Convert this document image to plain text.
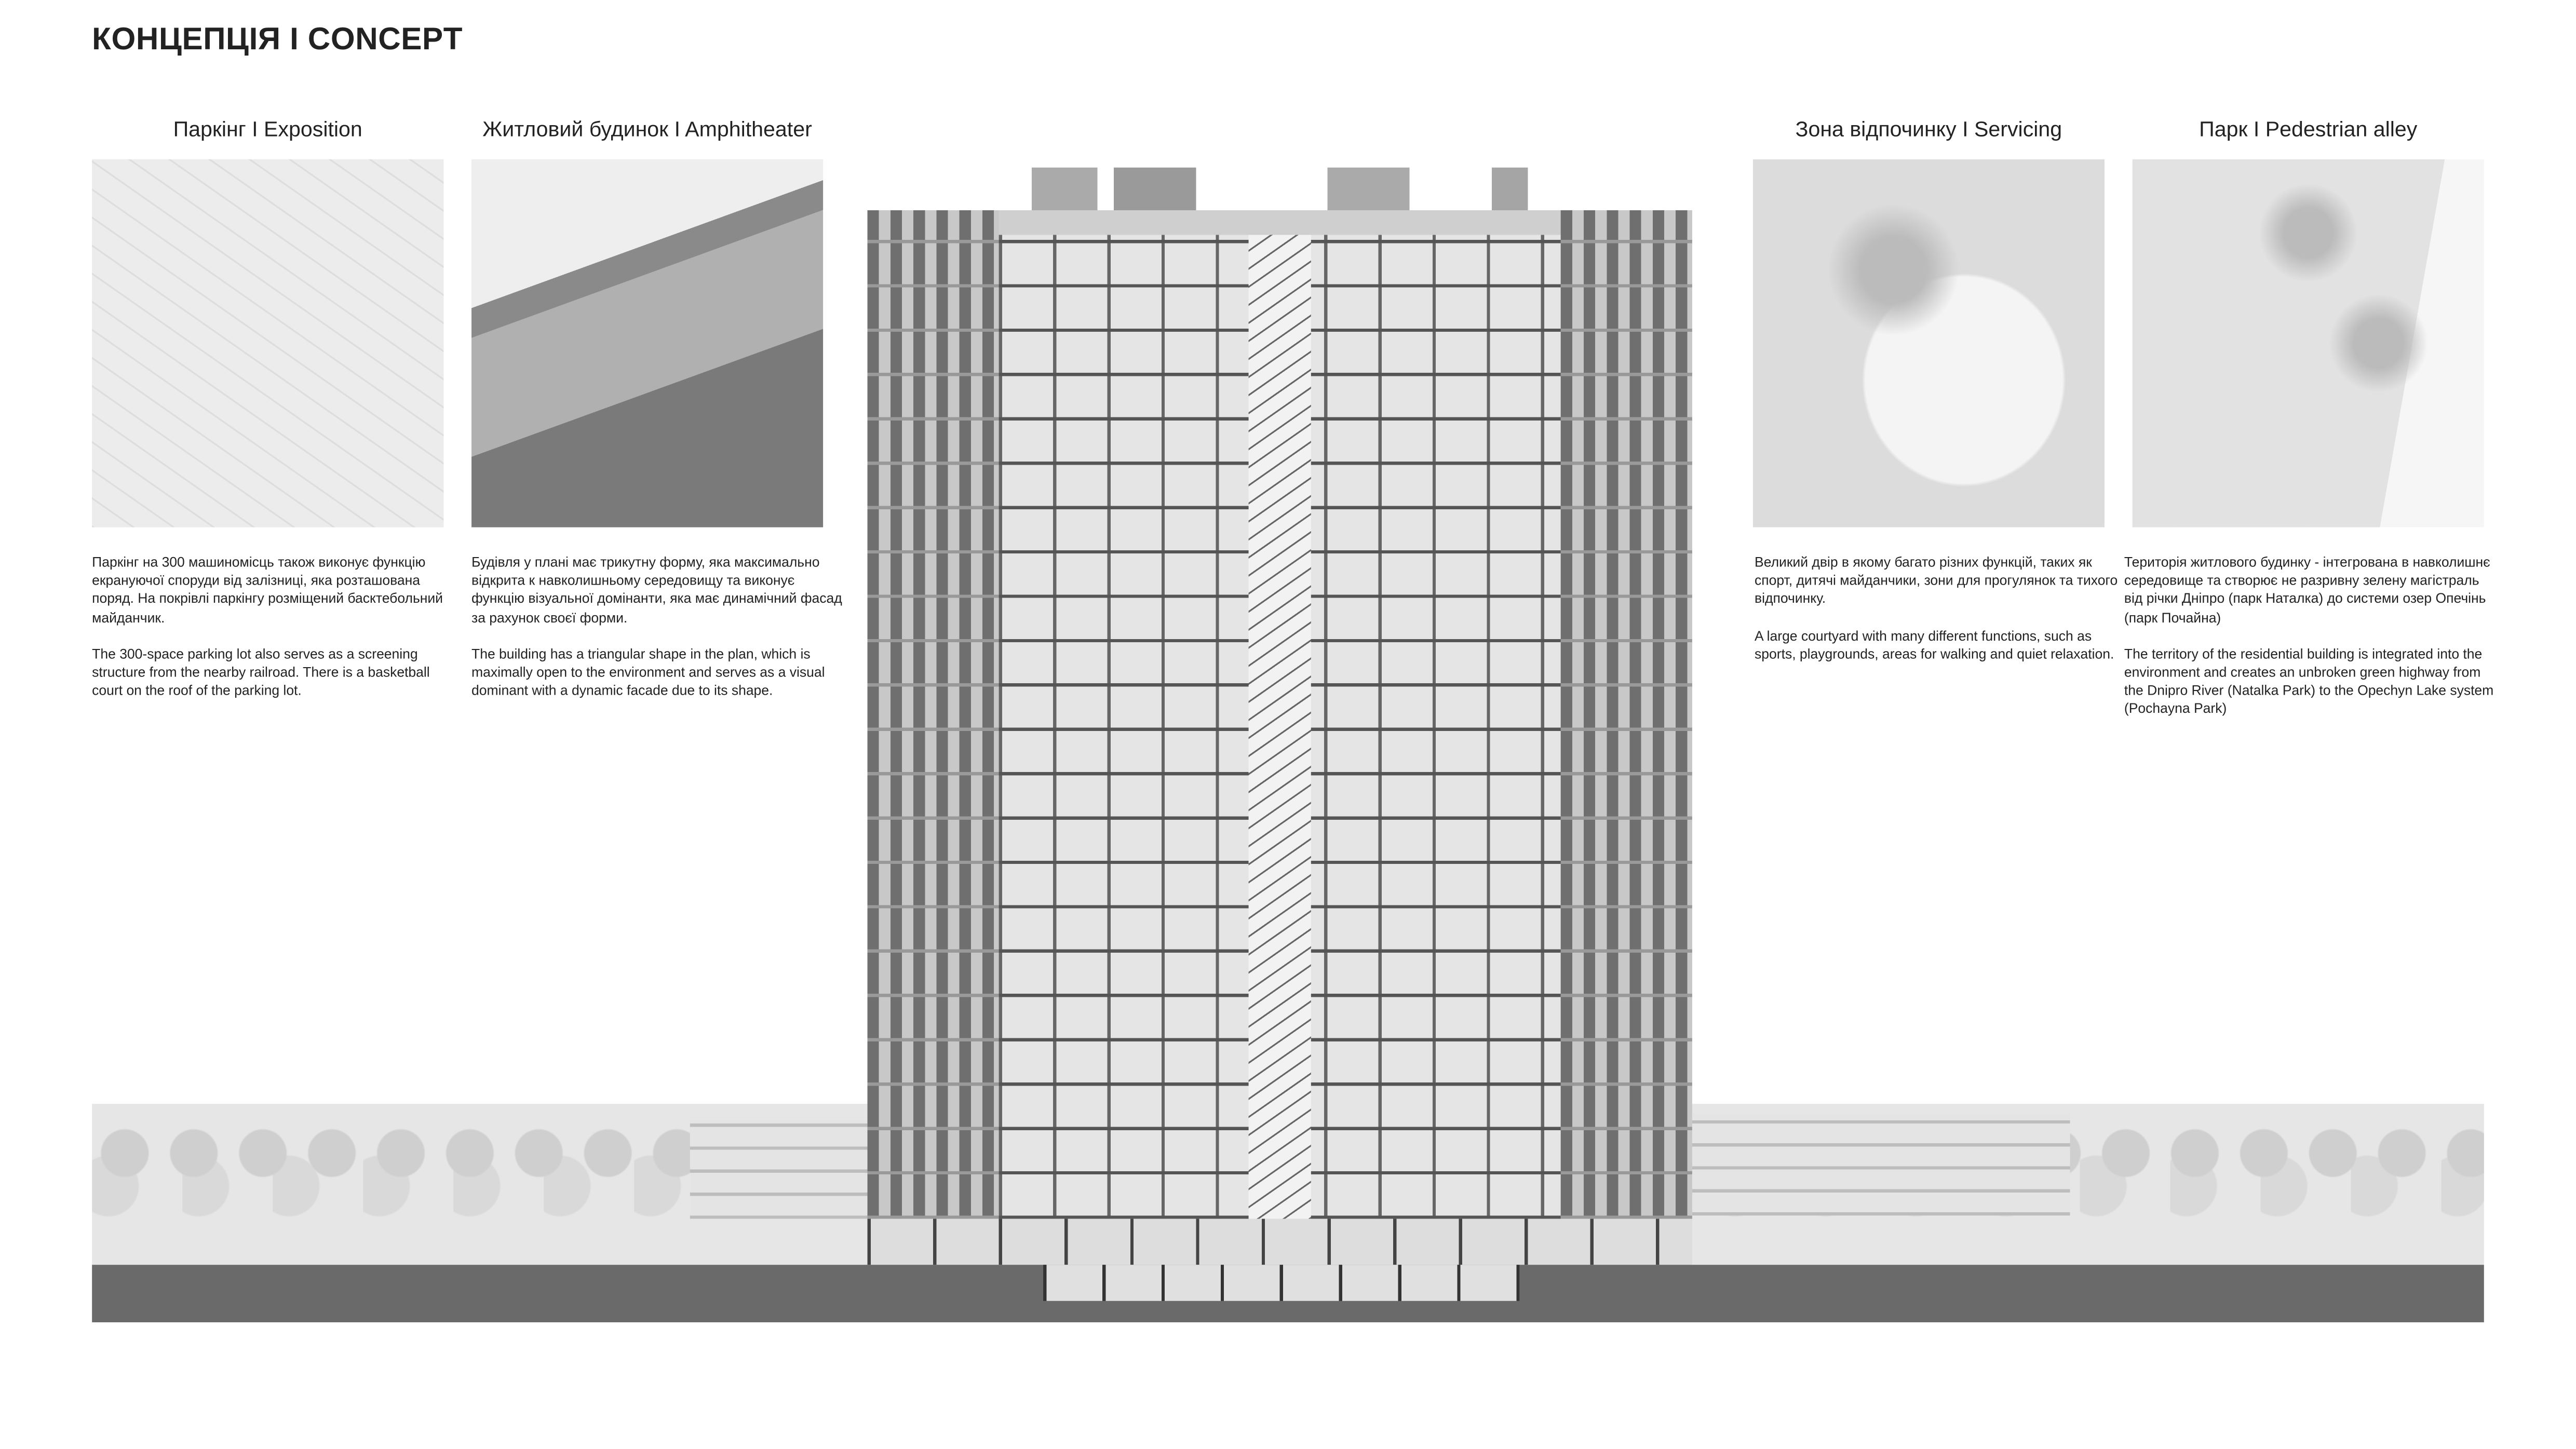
КОНЦЕПЦІЯ I CONCEPT
Паркінг I Exposition	Житловий будинок I Amphitheater	Зона відпочинку I Servicing	Парк I Pedestrian alley

Паркінг на 300 машиномісць також виконує функцію екрануючої споруди від залізниці, яка розташована поряд. На покрівлі паркінгу розміщений басктебольний майданчик.

The 300-space parking lot also serves as a screening structure from the nearby railroad. There is a basketball court on the roof of the parking lot.

Будівля у плані має трикутну форму, яка максимально відкрита к навколишньому середовищу та виконує функцію візуальної домінанти, яка має динамічний фасад за рахунок своєї форми.

The building has a triangular shape in the plan, which is maximally open to the environment and serves as a visual dominant with a dynamic facade due to its shape.

Великий двір в якому багато різних функцій, таких як спорт, дитячі майданчики, зони для прогулянок та тихого відпочинку.

A large courtyard with many different functions, such as sports, playgrounds, areas for walking and quiet relaxation.

Територія житлового будинку - інтегрована в навколишнє середовище та створює не разривну зелену магістраль від річки Дніпро (парк Наталка) до системи озер Опечінь (парк Почайна)

The territory of the residential building is integrated into the environment and creates an unbroken green highway from the Dnipro River (Natalka Park) to the Opechyn Lake system (Pochayna Park)
